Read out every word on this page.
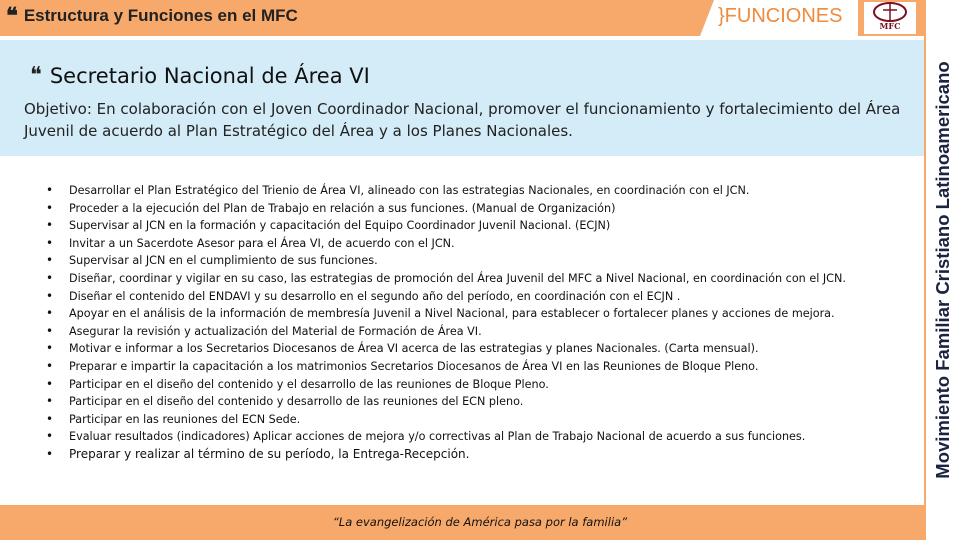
❝ Estructura y Funciones en el MFC	}FUNCIONES	MFC
Movimiento Familiar Cristiano Latinoamericano
❝ Secretario Nacional de Área VI
Objetivo: En colaboración con el Joven Coordinador Nacional, promover el funcionamiento y fortalecimiento del Área Juvenil de acuerdo al Plan Estratégico del Área y a los Planes Nacionales.
• Desarrollar el Plan Estratégico del Trienio de Área VI, alineado con las estrategias Nacionales, en coordinación con el JCN.
• Proceder a la ejecución del Plan de Trabajo en relación a sus funciones. (Manual de Organización)
• Supervisar al JCN en la formación y capacitación del Equipo Coordinador Juvenil Nacional. (ECJN)
• Invitar a un Sacerdote Asesor para el Área VI, de acuerdo con el JCN.
• Supervisar al JCN en el cumplimiento de sus funciones.
• Diseñar, coordinar y vigilar en su caso, las estrategias de promoción del Área Juvenil del MFC a Nivel Nacional, en coordinación con el JCN.
• Diseñar el contenido del ENDAVI y su desarrollo en el segundo año del período, en coordinación con el ECJN .
• Apoyar en el análisis de la información de membresía Juvenil a Nivel Nacional, para establecer o fortalecer planes y acciones de mejora.
• Asegurar la revisión y actualización del Material de Formación de Área VI.
• Motivar e informar a los Secretarios Diocesanos de Área VI acerca de las estrategias y planes Nacionales. (Carta mensual).
• Preparar e impartir la capacitación a los matrimonios Secretarios Diocesanos de Área VI en las Reuniones de Bloque Pleno.
• Participar en el diseño del contenido y el desarrollo de las reuniones de Bloque Pleno.
• Participar en el diseño del contenido y desarrollo de las reuniones del ECN pleno.
• Participar en las reuniones del ECN Sede.
• Evaluar resultados (indicadores) Aplicar acciones de mejora y/o correctivas al Plan de Trabajo Nacional de acuerdo a sus funciones.
• Preparar y realizar al término de su período, la Entrega-Recepción.
“La evangelización de América pasa por la familia”
